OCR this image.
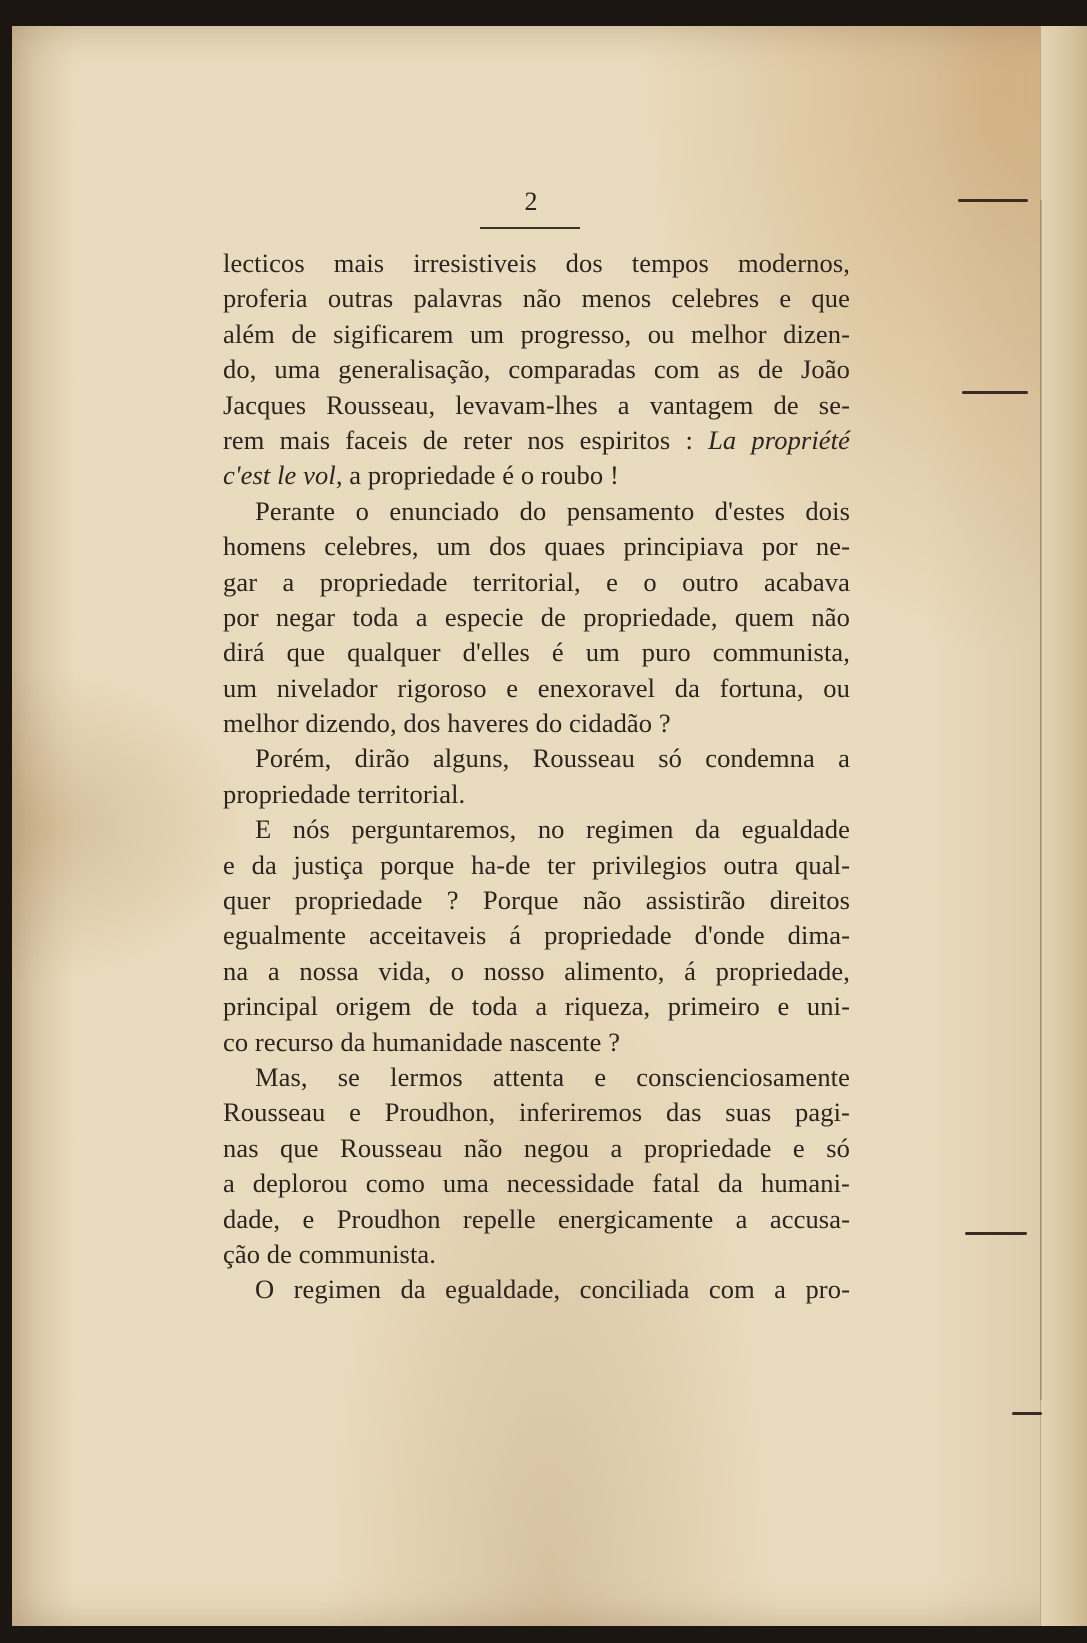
2
lecticos mais irresistiveis dos tempos modernos,
proferia outras palavras não menos celebres e que
além de sigificarem um progresso, ou melhor dizen-
do, uma generalisação, comparadas com as de João
Jacques Rousseau, levavam-lhes a vantagem de se-
rem mais faceis de reter nos espiritos : La propriété
c'est le vol, a propriedade é o roubo !
Perante o enunciado do pensamento d'estes dois
homens celebres, um dos quaes principiava por ne-
gar a propriedade territorial, e o outro acabava
por negar toda a especie de propriedade, quem não
dirá que qualquer d'elles é um puro communista,
um nivelador rigoroso e enexoravel da fortuna, ou
melhor dizendo, dos haveres do cidadão ?
Porém, dirão alguns, Rousseau só condemna a
propriedade territorial.
E nós perguntaremos, no regimen da egualdade
e da justiça porque ha-de ter privilegios outra qual-
quer propriedade ? Porque não assistirão direitos
egualmente acceitaveis á propriedade d'onde dima-
na a nossa vida, o nosso alimento, á propriedade,
principal origem de toda a riqueza, primeiro e uni-
co recurso da humanidade nascente ?
Mas, se lermos attenta e conscienciosamente
Rousseau e Proudhon, inferiremos das suas pagi-
nas que Rousseau não negou a propriedade e só
a deplorou como uma necessidade fatal da humani-
dade, e Proudhon repelle energicamente a accusa-
ção de communista.
O regimen da egualdade, conciliada com a pro-
